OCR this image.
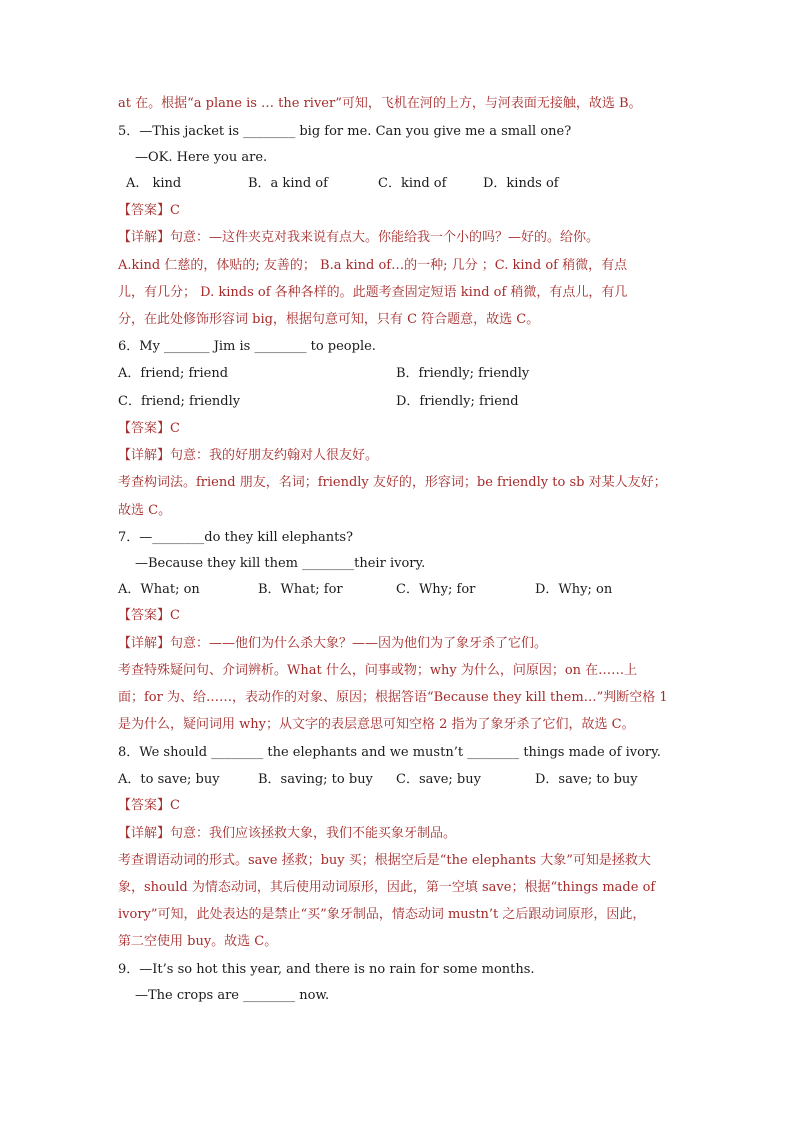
at 在。根据“a plane is … the river”可知，飞机在河的上方，与河表面无接触，故选 B。
5．—This jacket is ________ big for me. Can you give me a small one?
—OK. Here you are.
A.　kind	B．a kind of	C．kind of	D．kinds of
【答案】C
【详解】句意：—这件夹克对我来说有点大。你能给我一个小的吗？—好的。给你。
A.kind 仁慈的，体贴的; 友善的； B.a kind of…的一种; 几分 ；C. kind of 稍微，有点
儿，有几分； D. kinds of 各种各样的。此题考查固定短语 kind of 稍微，有点儿，有几
分，在此处修饰形容词 big，根据句意可知，只有 C 符合题意，故选 C。
6．My _______ Jim is ________ to people.
A．friend; friend	B．friendly; friendly
C．friend; friendly	D．friendly; friend
【答案】C
【详解】句意：我的好朋友约翰对人很友好。
考查构词法。friend 朋友，名词；friendly 友好的，形容词；be friendly to sb 对某人友好；
故选 C。
7．—________do they kill elephants?
—Because they kill them ________their ivory.
A．What; on	B．What; for	C．Why; for	D．Why; on
【答案】C
【详解】句意：——他们为什么杀大象？——因为他们为了象牙杀了它们。
考查特殊疑问句、介词辨析。What 什么，问事或物；why 为什么，问原因；on 在……上
面；for 为、给……，表动作的对象、原因；根据答语“Because they kill them…”判断空格 1
是为什么，疑问词用 why；从文字的表层意思可知空格 2 指为了象牙杀了它们，故选 C。
8．We should ________ the elephants and we mustn’t ________ things made of ivory.
A．to save; buy	B．saving; to buy C．save; buy	D．save; to buy
【答案】C
【详解】句意：我们应该拯救大象，我们不能买象牙制品。
考查谓语动词的形式。save 拯救；buy 买；根据空后是“the elephants 大象”可知是拯救大
象，should 为情态动词，其后使用动词原形，因此，第一空填 save；根据“things made of
ivory”可知，此处表达的是禁止“买”象牙制品，情态动词 mustn’t 之后跟动词原形，因此，
第二空使用 buy。故选 C。
9．—It’s so hot this year, and there is no rain for some months.
—The crops are ________ now.
